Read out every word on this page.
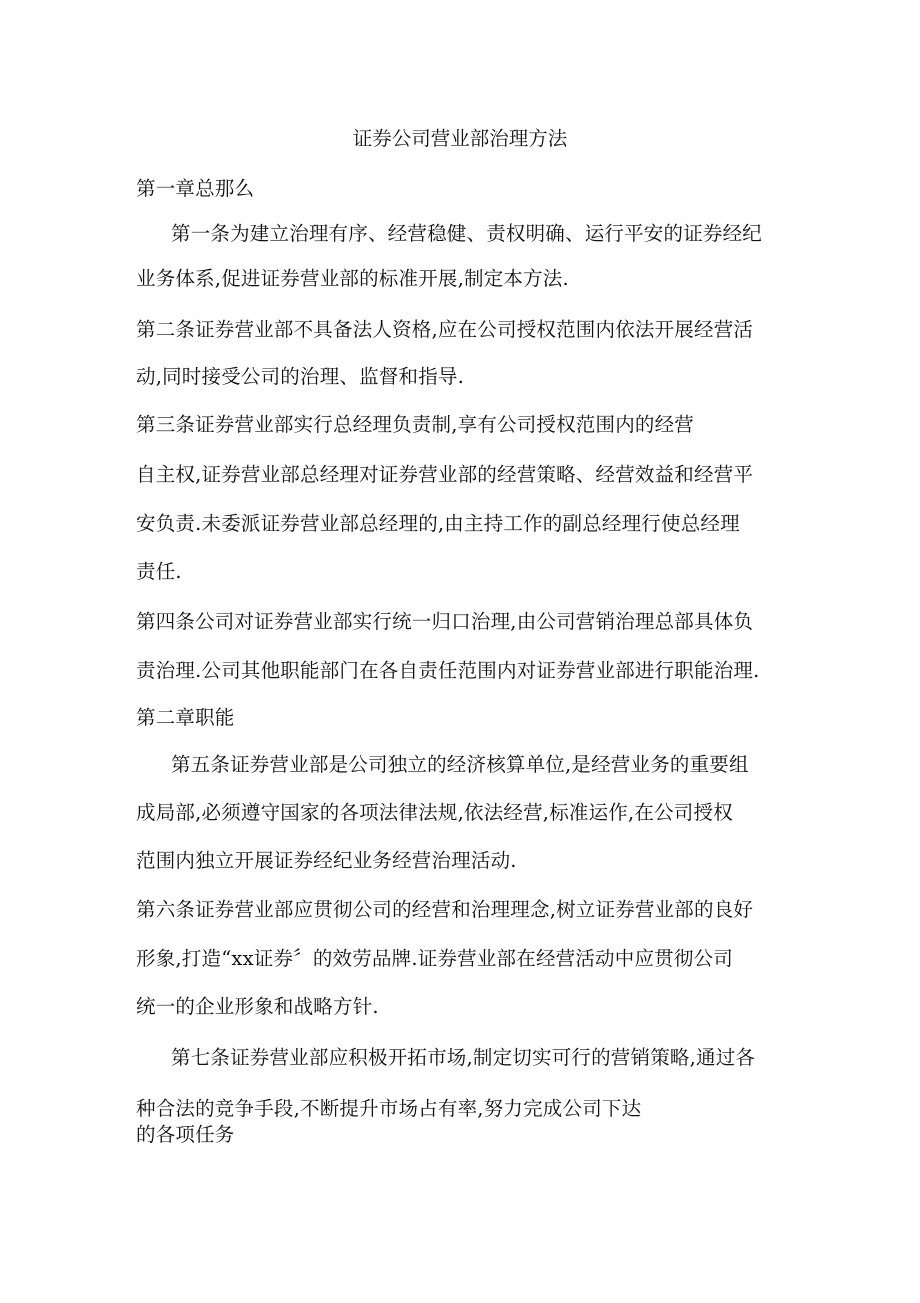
证券公司营业部治理方法
第一章总那么
第一条为建立治理有序、经营稳健、责权明确、运行平安的证券经纪
业务体系,促进证券营业部的标准开展,制定本方法.
第二条证券营业部不具备法人资格,应在公司授权范围内依法开展经营活
动,同时接受公司的治理、监督和指导.
第三条证券营业部实行总经理负责制,享有公司授权范围内的经营
自主权,证券营业部总经理对证券营业部的经营策略、经营效益和经营平
安负责.未委派证券营业部总经理的,由主持工作的副总经理行使总经理
责任.
第四条公司对证券营业部实行统一归口治理,由公司营销治理总部具体负
责治理.公司其他职能部门在各自责任范围内对证券营业部进行职能治理.
第二章职能
第五条证券营业部是公司独立的经济核算单位,是经营业务的重要组
成局部,必须遵守国家的各项法律法规,依法经营,标准运作,在公司授权
范围内独立开展证券经纪业务经营治理活动.
第六条证券营业部应贯彻公司的经营和治理理念,树立证券营业部的良好
形象,打造“xx证券〞的效劳品牌.证券营业部在经营活动中应贯彻公司
统一的企业形象和战略方针.
第七条证券营业部应积极开拓市场,制定切实可行的营销策略,通过各
种合法的竞争手段,不断提升市场占有率,努力完成公司下达
的各项任务
